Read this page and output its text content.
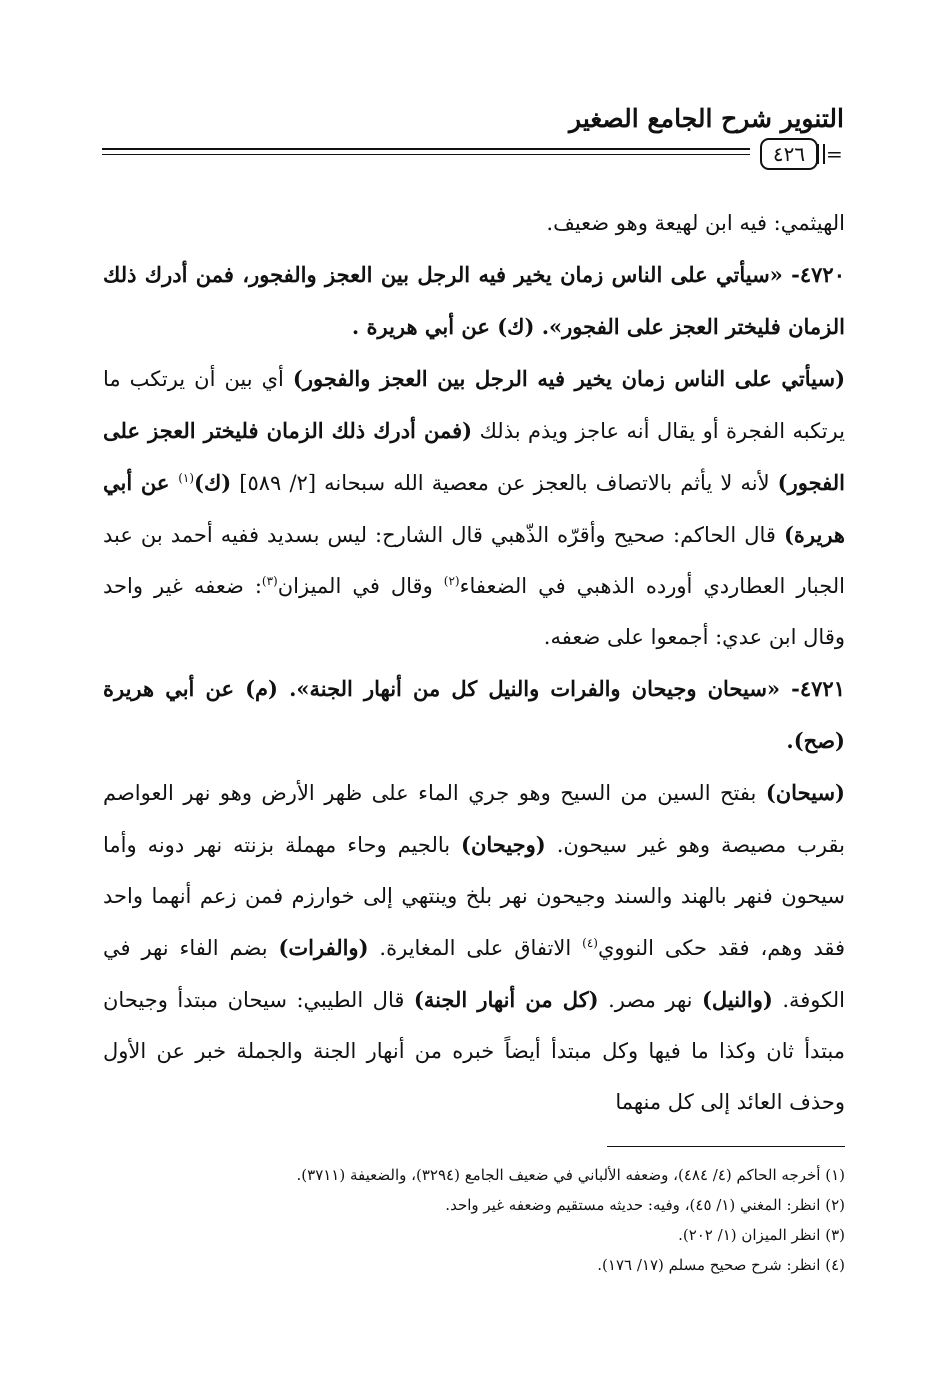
التنوير شرح الجامع الصغير
٤٢٦ =

الهيثمي: فيه ابن لهيعة وهو ضعيف.

٤٧٢٠- «سيأتي على الناس زمان يخير فيه الرجل بين العجز والفجور، فمن أدرك ذلك الزمان فليختر العجز على الفجور». (ك) عن أبي هريرة .

(سيأتي على الناس زمان يخير فيه الرجل بين العجز والفجور) أي بين أن يرتكب ما يرتكبه الفجرة أو يقال أنه عاجز ويذم بذلك (فمن أدرك ذلك الزمان فليختر العجز على الفجور) لأنه لا يأثم بالاتصاف بالعجز عن معصية الله سبحانه [٢/ ٥٨٩] (ك)$^{(١)}$ عن أبي هريرة) قال الحاكم: صحيح وأقرّه الذّهبي قال الشارح: ليس بسديد ففيه أحمد بن عبد الجبار العطاردي أورده الذهبي في الضعفاء$^{(٢)}$ وقال في الميزان$^{(٣)}$: ضعفه غير واحد وقال ابن عدي: أجمعوا على ضعفه.

٤٧٢١- «سيحان وجيحان والفرات والنيل كل من أنهار الجنة». (م) عن أبي هريرة (صح).

(سيحان) بفتح السين من السيح وهو جري الماء على ظهر الأرض وهو نهر العواصم بقرب مصيصة وهو غير سيحون. (وجيحان) بالجيم وحاء مهملة بزنته نهر دونه وأما سيحون فنهر بالهند والسند وجيحون نهر بلخ وينتهي إلى خوارزم فمن زعم أنهما واحد فقد وهم، فقد حكى النووي$^{(٤)}$ الاتفاق على المغايرة. (والفرات) بضم الفاء نهر في الكوفة. (والنيل) نهر مصر. (كل من أنهار الجنة) قال الطيبي: سيحان مبتدأ وجيحان مبتدأ ثان وكذا ما فيها وكل مبتدأ أيضاً خبره من أنهار الجنة والجملة خبر عن الأول وحذف العائد إلى كل منهما

(١) أخرجه الحاكم (٤/ ٤٨٤)، وضعفه الألباني في ضعيف الجامع (٣٢٩٤)، والضعيفة (٣٧١١).

(٢) انظر: المغني (١/ ٤٥)، وفيه: حديثه مستقيم وضعفه غير واحد.

(٣) انظر الميزان (١/ ٢٠٢).

(٤) انظر: شرح صحيح مسلم (١٧/ ١٧٦).
